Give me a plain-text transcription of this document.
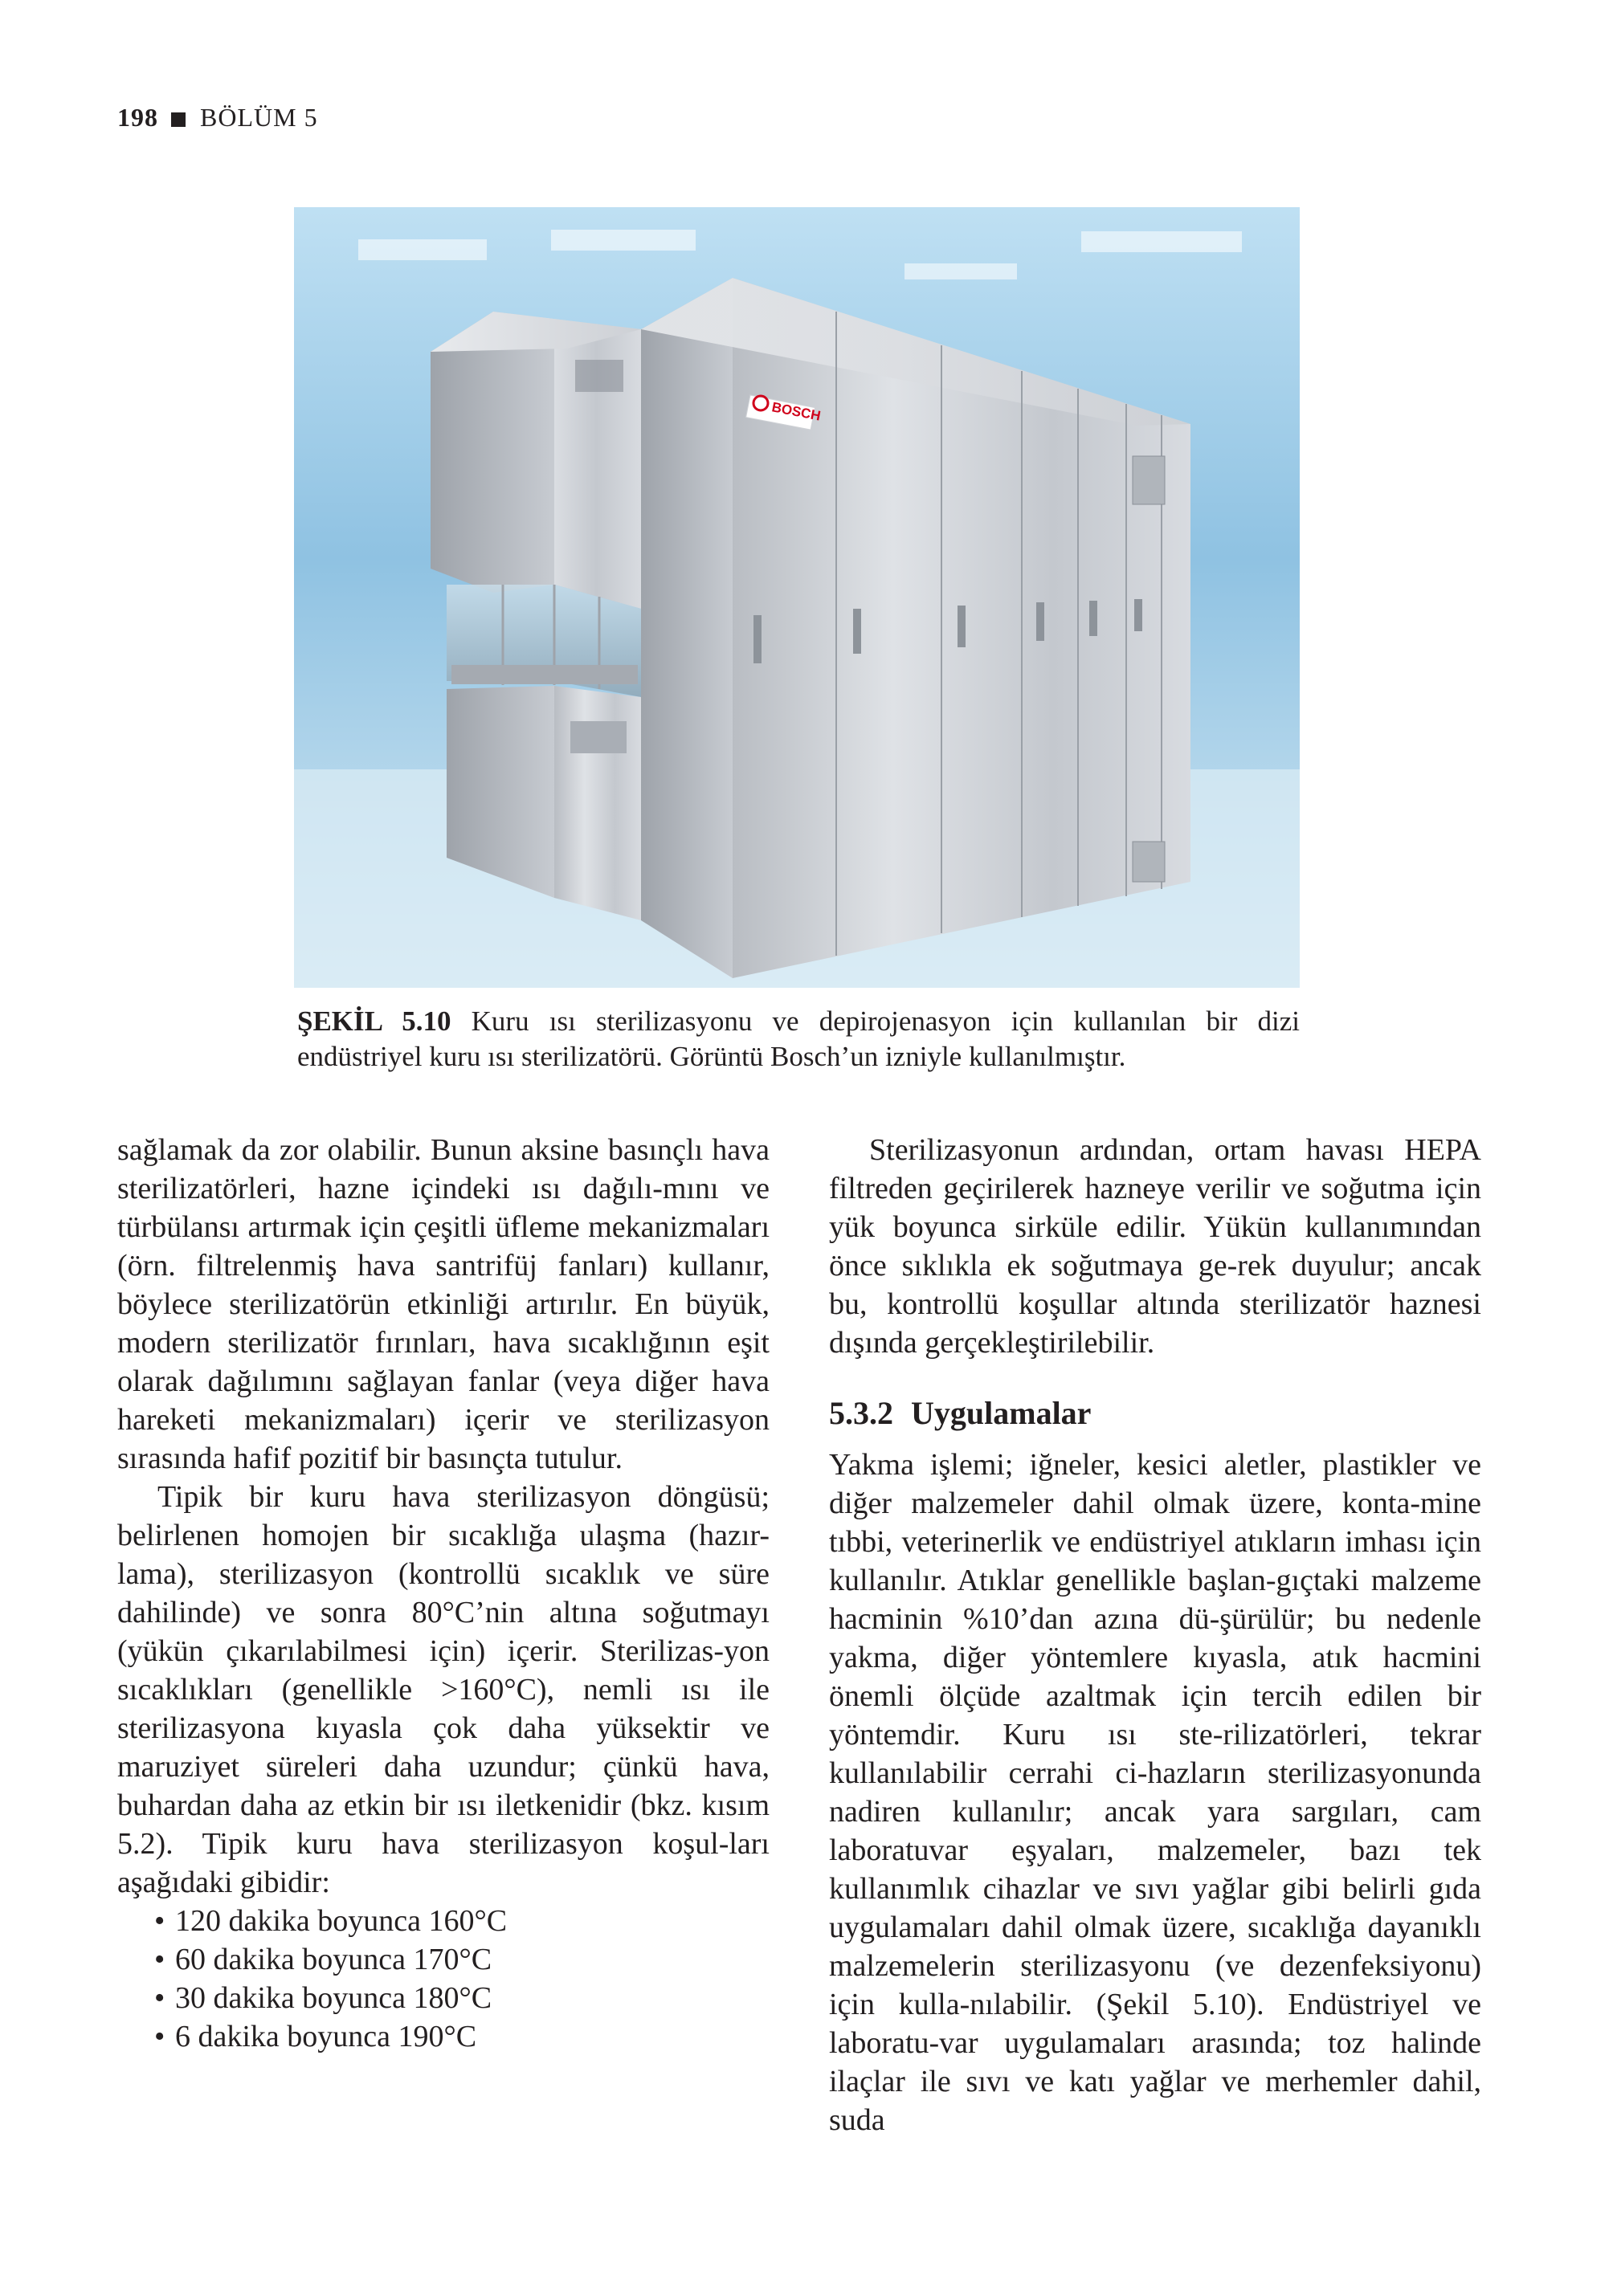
198 BÖLÜM 5
BOSCH
ŞEKİL 5.10 Kuru ısı sterilizasyonu ve depirojenasyon için kullanılan bir dizi endüstriyel kuru ısı sterilizatörü. Görüntü Bosch’un izniyle kullanılmıştır.

sağlamak da zor olabilir. Bunun aksine basınçlı hava sterilizatörleri, hazne içindeki ısı dağılı-mını ve türbülansı artırmak için çeşitli üfleme mekanizmaları (örn. filtrelenmiş hava santrifüj fanları) kullanır, böylece sterilizatörün etkinliği artırılır. En büyük, modern sterilizatör fırınları, hava sıcaklığının eşit olarak dağılımını sağlayan fanlar (veya diğer hava hareketi mekanizmaları) içerir ve sterilizasyon sırasında hafif pozitif bir basınçta tutulur.

Tipik bir kuru hava sterilizasyon döngüsü; belirlenen homojen bir sıcaklığa ulaşma (hazır-lama), sterilizasyon (kontrollü sıcaklık ve süre dahilinde) ve sonra 80°C’nin altına soğutmayı (yükün çıkarılabilmesi için) içerir. Sterilizas-yon sıcaklıkları (genellikle >160°C), nemli ısı ile sterilizasyona kıyasla çok daha yüksektir ve maruziyet süreleri daha uzundur; çünkü hava, buhardan daha az etkin bir ısı iletkenidir (bkz. kısım 5.2). Tipik kuru hava sterilizasyon koşul-ları aşağıdaki gibidir:

• 120 dakika boyunca 160°C
• 60 dakika boyunca 170°C
• 30 dakika boyunca 180°C
• 6 dakika boyunca 190°C

Sterilizasyonun ardından, ortam havası HEPA filtreden geçirilerek hazneye verilir ve soğutma için yük boyunca sirküle edilir. Yükün kullanımından önce sıklıkla ek soğutmaya ge-rek duyulur; ancak bu, kontrollü koşullar altında sterilizatör haznesi dışında gerçekleştirilebilir.

5.3.2 Uygulamalar

Yakma işlemi; iğneler, kesici aletler, plastikler ve diğer malzemeler dahil olmak üzere, konta-mine tıbbi, veterinerlik ve endüstriyel atıkların imhası için kullanılır. Atıklar genellikle başlan-gıçtaki malzeme hacminin %10’dan azına dü-şürülür; bu nedenle yakma, diğer yöntemlere kıyasla, atık hacmini önemli ölçüde azaltmak için tercih edilen bir yöntemdir. Kuru ısı ste-rilizatörleri, tekrar kullanılabilir cerrahi ci-hazların sterilizasyonunda nadiren kullanılır; ancak yara sargıları, cam laboratuvar eşyaları, malzemeler, bazı tek kullanımlık cihazlar ve sıvı yağlar gibi belirli gıda uygulamaları dahil olmak üzere, sıcaklığa dayanıklı malzemelerin sterilizasyonu (ve dezenfeksiyonu) için kulla-nılabilir. (Şekil 5.10). Endüstriyel ve laboratu-var uygulamaları arasında; toz halinde ilaçlar ile sıvı ve katı yağlar ve merhemler dahil, suda
